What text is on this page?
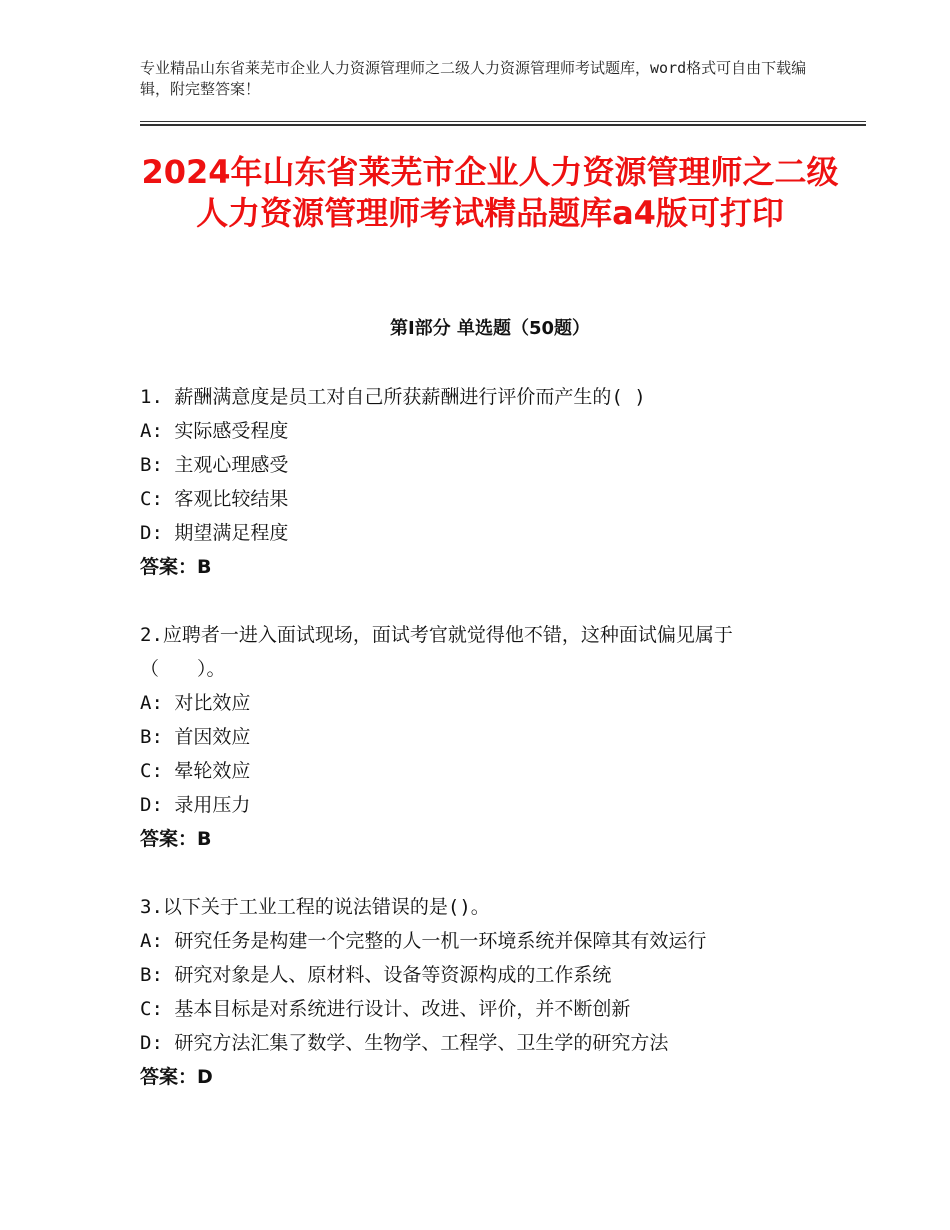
专业精品山东省莱芜市企业人力资源管理师之二级人力资源管理师考试题库，word格式可自由下载编辑，附完整答案！
2024年山东省莱芜市企业人力资源管理师之二级人力资源管理师考试精品题库a4版可打印
第Ⅰ部分 单选题（50题）
1. 薪酬满意度是员工对自己所获薪酬进行评价而产生的( )
A: 实际感受程度
B: 主观心理感受
C: 客观比较结果
D: 期望满足程度
答案：B
2.应聘者一进入面试现场，面试考官就觉得他不错，这种面试偏见属于（　　）。
A: 对比效应
B: 首因效应
C: 晕轮效应
D: 录用压力
答案：B
3.以下关于工业工程的说法错误的是()。
A: 研究任务是构建一个完整的人一机一环境系统并保障其有效运行
B: 研究对象是人、原材料、设备等资源构成的工作系统
C: 基本目标是对系统进行设计、改进、评价，并不断创新
D: 研究方法汇集了数学、生物学、工程学、卫生学的研究方法
答案：D
